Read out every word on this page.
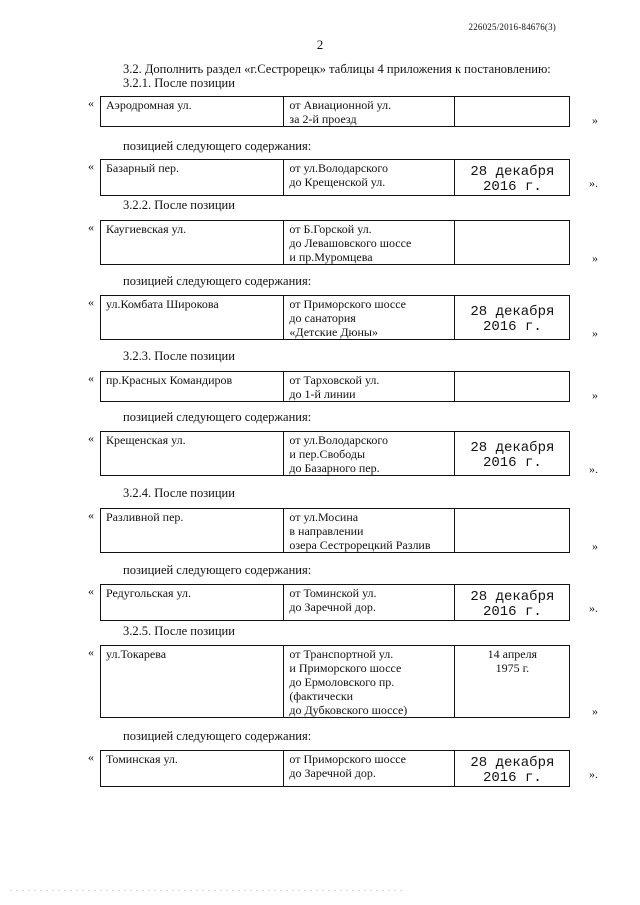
226025/2016-84676(3)
2
3.2. Дополнить раздел «г.Сестрорецк» таблицы 4 приложения к постановлению:
3.2.1. После позиции
« Аэродромная ул.	от Авиационной ул.
за 2-й проезд
		»
позицией следующего содержания:
« Базарный пер.	от ул.Володарского
до Крещенской ул.

28 декабря
2016 г.	».
3.2.2. После позиции
« Каугиевская ул.	от Б.Горской ул.
до Левашовского шоссе
и пр.Муромцева
		»
позицией следующего содержания:
« ул.Комбата Широкова	от Приморского шоссе
до санатория
«Детские Дюны»

28 декабря
2016 г.	»
3.2.3. После позиции
« пр.Красных Командиров	от Тарховской ул.
до 1-й линии
		»
позицией следующего содержания:
« Крещенская ул.	от ул.Володарского
и пер.Свободы
до Базарного пер.

28 декабря
2016 г.	».
3.2.4. После позиции
« Разливной пер.	от ул.Мосина
в направлении
озера Сестрорецкий Разлив
		»
позицией следующего содержания:
« Редугольская ул.	от Томинской ул.
до Заречной дор.

28 декабря
2016 г.	».
3.2.5. После позиции
« ул.Токарева	от Транспортной ул.
и Приморского шоссе
до Ермоловского пр.
(фактически
до Дубковского шоссе)

14 апреля
1975 г.
»
позицией следующего содержания:
« Томинская ул.	от Приморского шоссе
до Заречной дор.

28 декабря
2016 г.	».
. . . . . . . . . . . . . . . . . . . . . . . . . . . . . . . . . . . . . . . . . . . . . . . . . . . . . . . . . . . . . . . . . .
